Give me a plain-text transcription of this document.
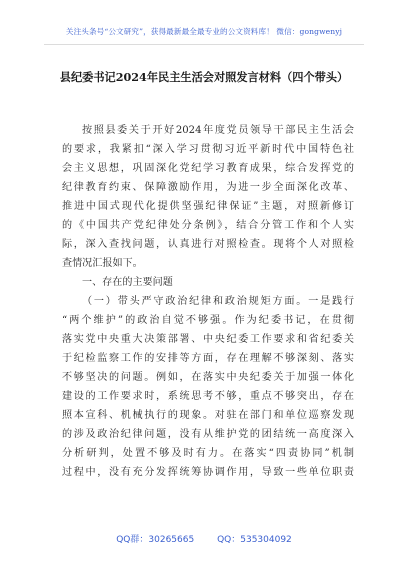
关注头条号“公文研究”，获得最新最全最专业的公文资料库！ 微信：gongwenyj
县纪委书记2024年民主生活会对照发言材料（四个带头）
按照县委关于开好2024年度党员领导干部民主生活会
的要求，我紧扣“深入学习贯彻习近平新时代中国特色社
会主义思想，巩固深化党纪学习教育成果，综合发挥党的
纪律教育约束、保障激励作用，为进一步全面深化改革、
推进中国式现代化提供坚强纪律保证”主题，对照新修订
的《中国共产党纪律处分条例》，结合分管工作和个人实
际，深入查找问题，认真进行对照检查。现将个人对照检
查情况汇报如下。
一、存在的主要问题
（一）带头严守政治纪律和政治规矩方面。一是践行
“两个维护”的政治自觉不够强。作为纪委书记，在贯彻
落实党中央重大决策部署、中央纪委工作要求和省纪委关
于纪检监察工作的安排等方面，存在理解不够深刻、落实
不够坚决的问题。例如，在落实中央纪委关于加强一体化
建设的工作要求时，系统思考不够，重点不够突出，存在
照本宣科、机械执行的现象。对驻在部门和单位巡察发现
的涉及政治纪律问题，没有从维护党的团结统一高度深入
分析研判，处置不够及时有力。在落实“四责协同”机制
过程中，没有充分发挥统筹协调作用，导致一些单位职责
QQ群：30265665	QQ：535304092
